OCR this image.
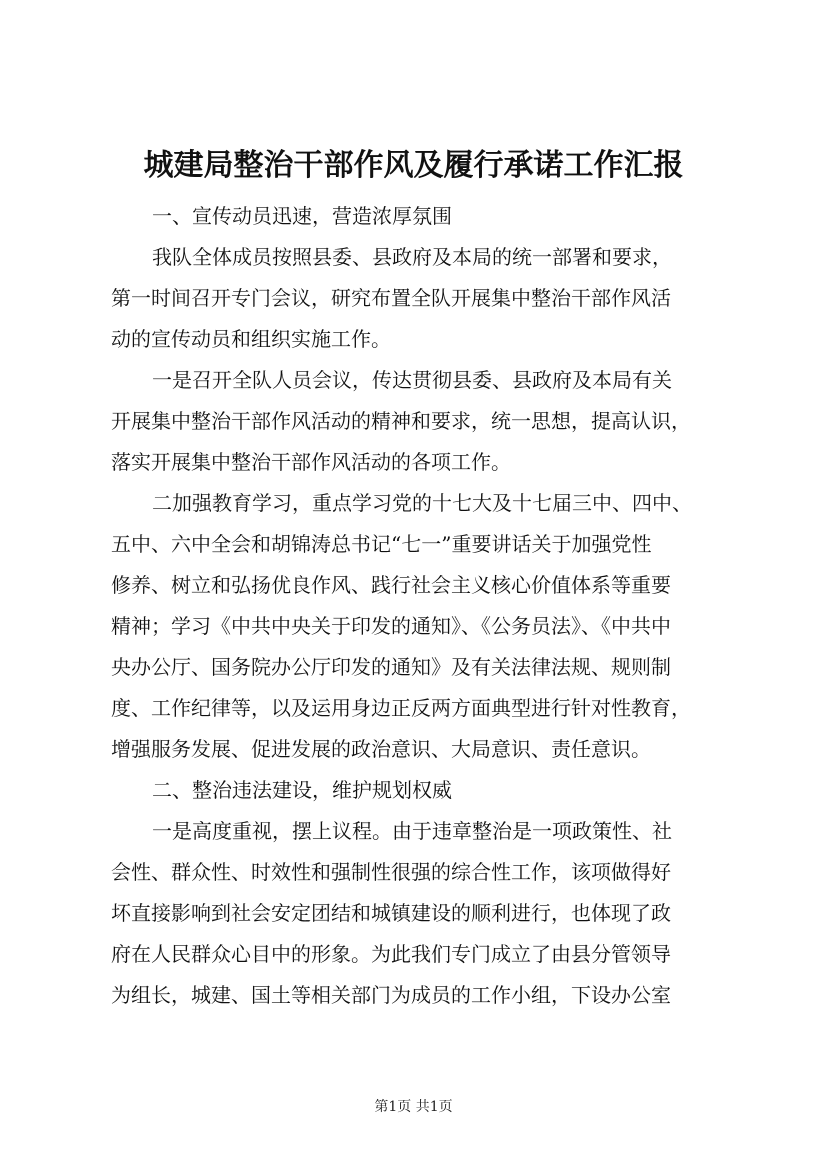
城建局整治干部作风及履行承诺工作汇报
一、宣传动员迅速，营造浓厚氛围
我队全体成员按照县委、县政府及本局的统一部署和要求，
第一时间召开专门会议，研究布置全队开展集中整治干部作风活
动的宣传动员和组织实施工作。
一是召开全队人员会议，传达贯彻县委、县政府及本局有关
开展集中整治干部作风活动的精神和要求，统一思想，提高认识，
落实开展集中整治干部作风活动的各项工作。
二加强教育学习，重点学习党的十七大及十七届三中、四中、
五中、六中全会和胡锦涛总书记“七一”重要讲话关于加强党性
修养、树立和弘扬优良作风、践行社会主义核心价值体系等重要
精神；学习《中共中央关于印发的通知》、《公务员法》、《中共中
央办公厅、国务院办公厅印发的通知》及有关法律法规、规则制
度、工作纪律等，以及运用身边正反两方面典型进行针对性教育，
增强服务发展、促进发展的政治意识、大局意识、责任意识。
二、整治违法建设，维护规划权威
一是高度重视，摆上议程。由于违章整治是一项政策性、社
会性、群众性、时效性和强制性很强的综合性工作，该项做得好
坏直接影响到社会安定团结和城镇建设的顺利进行，也体现了政
府在人民群众心目中的形象。为此我们专门成立了由县分管领导
为组长，城建、国土等相关部门为成员的工作小组，下设办公室
第1页 共1页
